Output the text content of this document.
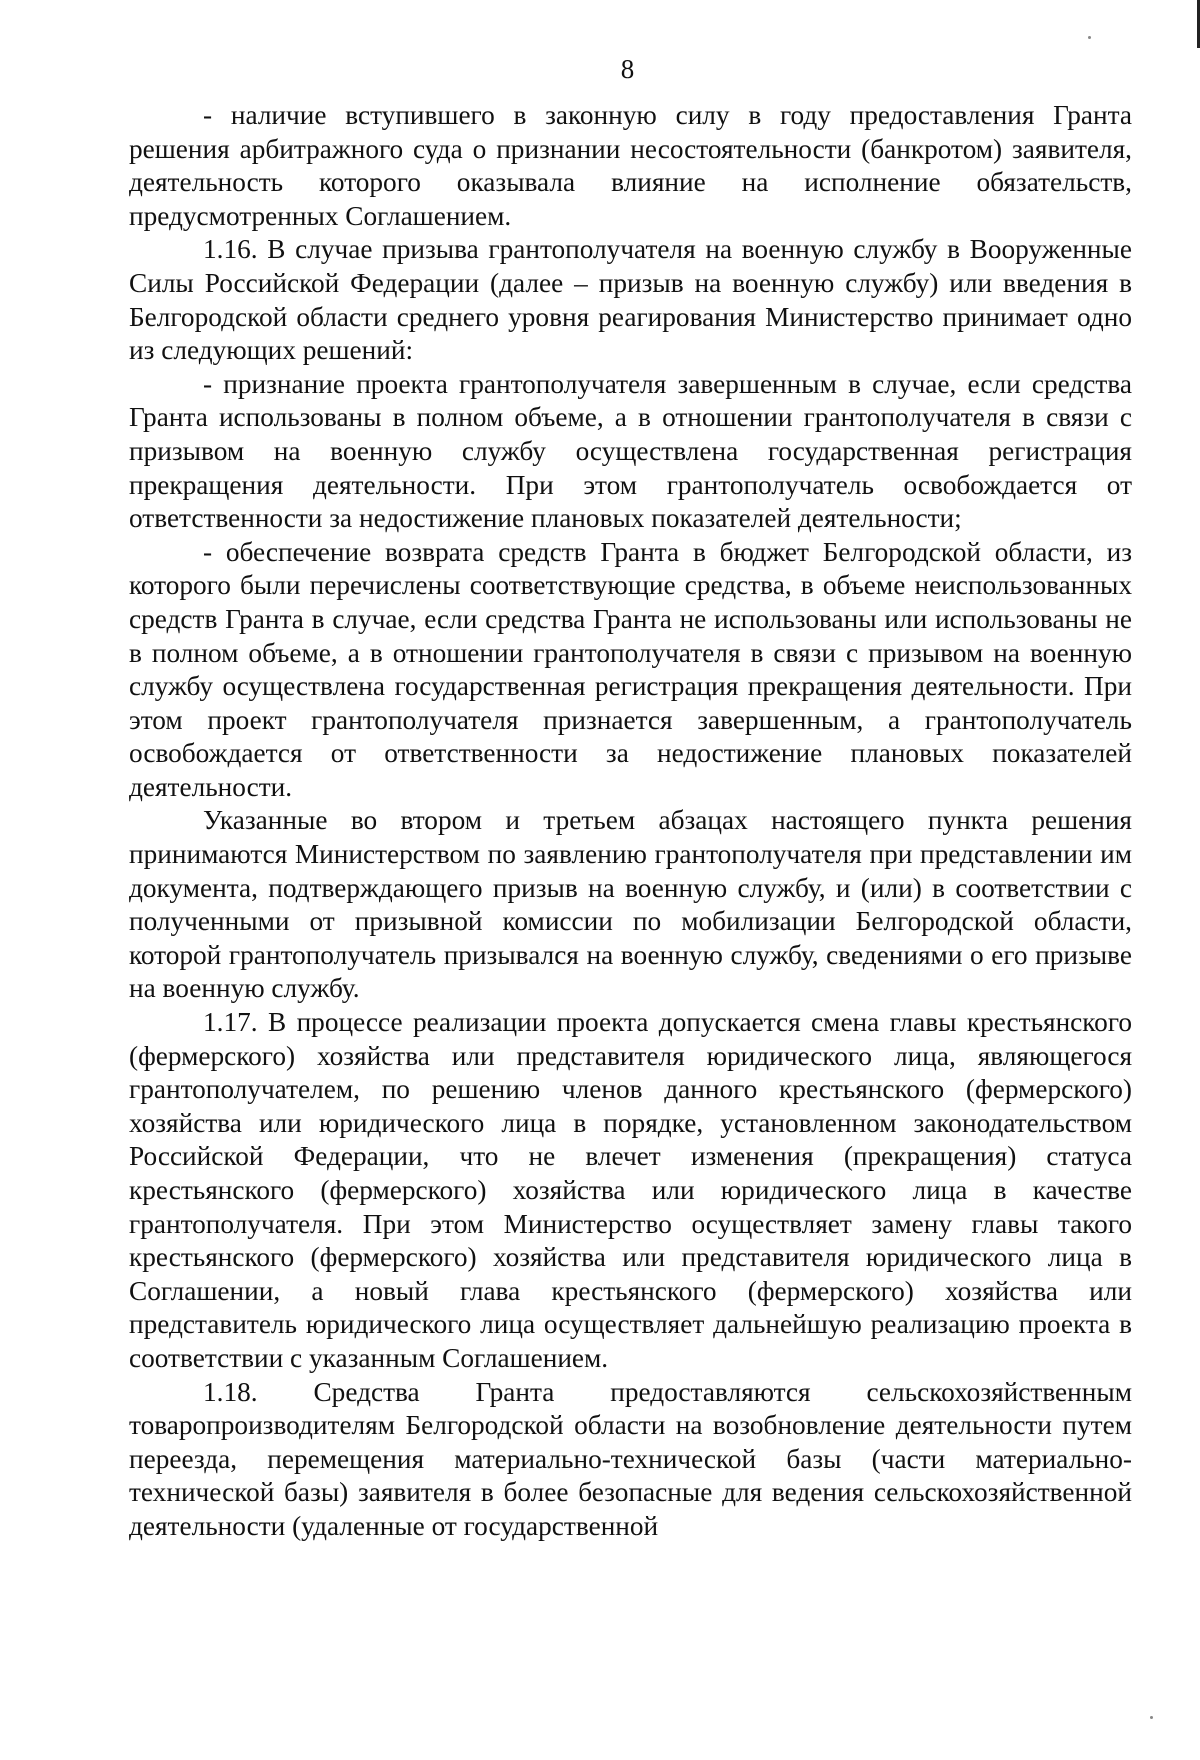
8

- наличие вступившего в законную силу в году предоставления Гранта решения арбитражного суда о признании несостоятельности (банкротом) заявителя, деятельность которого оказывала влияние на исполнение обязательств, предусмотренных Соглашением.

1.16. В случае призыва грантополучателя на военную службу в Вооруженные Силы Российской Федерации (далее – призыв на военную службу) или введения в Белгородской области среднего уровня реагирования Министерство принимает одно из следующих решений:

- признание проекта грантополучателя завершенным в случае, если средства Гранта использованы в полном объеме, а в отношении грантополучателя в связи с призывом на военную службу осуществлена государственная регистрация прекращения деятельности. При этом грантополучатель освобождается от ответственности за недостижение плановых показателей деятельности;

- обеспечение возврата средств Гранта в бюджет Белгородской области, из которого были перечислены соответствующие средства, в объеме неиспользованных средств Гранта в случае, если средства Гранта не использованы или использованы не в полном объеме, а в отношении грантополучателя в связи с призывом на военную службу осуществлена государственная регистрация прекращения деятельности. При этом проект грантополучателя признается завершенным, а грантополучатель освобождается от ответственности за недостижение плановых показателей деятельности.

Указанные во втором и третьем абзацах настоящего пункта решения принимаются Министерством по заявлению грантополучателя при представлении им документа, подтверждающего призыв на военную службу, и (или) в соответствии с полученными от призывной комиссии по мобилизации Белгородской области, которой грантополучатель призывался на военную службу, сведениями о его призыве на военную службу.

1.17. В процессе реализации проекта допускается смена главы крестьянского (фермерского) хозяйства или представителя юридического лица, являющегося грантополучателем, по решению членов данного крестьянского (фермерского) хозяйства или юридического лица в порядке, установленном законодательством Российской Федерации, что не влечет изменения (прекращения) статуса крестьянского (фермерского) хозяйства или юридического лица в качестве грантополучателя. При этом Министерство осуществляет замену главы такого крестьянского (фермерского) хозяйства или представителя юридического лица в Соглашении, а новый глава крестьянского (фермерского) хозяйства или представитель юридического лица осуществляет дальнейшую реализацию проекта в соответствии с указанным Соглашением.

1.18. Средства Гранта предоставляются сельскохозяйственным товаропроизводителям Белгородской области на возобновление деятельности путем переезда, перемещения материально-технической базы (части материально-технической базы) заявителя в более безопасные для ведения сельскохозяйственной деятельности (удаленные от государственной
